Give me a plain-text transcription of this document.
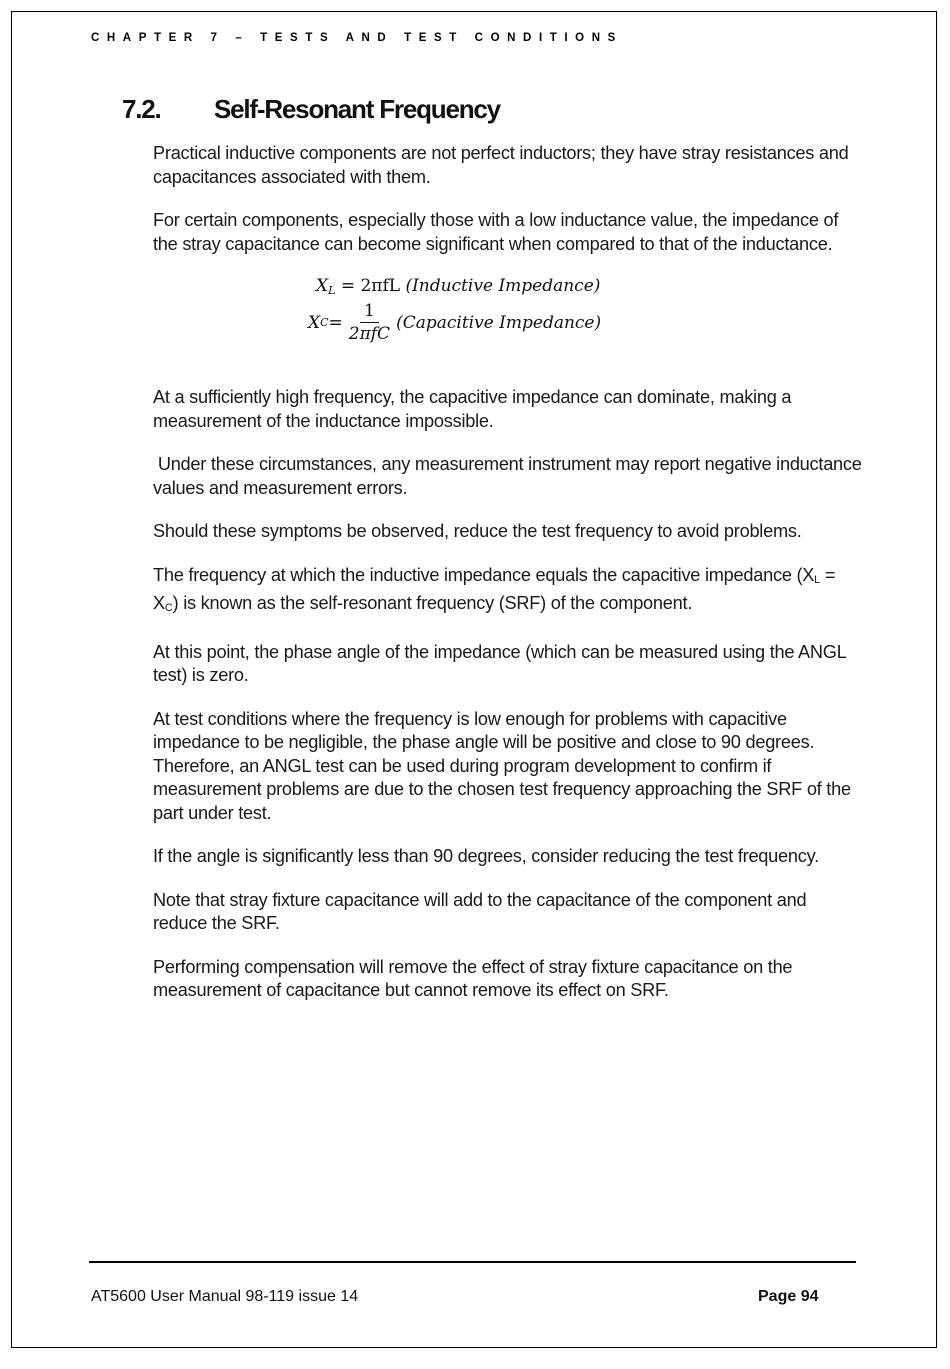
CHAPTER 7 – TESTS AND TEST CONDITIONS
7.2. Self-Resonant Frequency

Practical inductive components are not perfect inductors; they have stray resistances and capacitances associated with them.

For certain components, especially those with a low inductance value, the impedance of the stray capacitance can become significant when compared to that of the inductance.

$X_L = 2\pi fL$ (Inductive Impedance)
X $C = \frac{1}{\text{2πfC}}$ (Capacitive Impedance)

At a sufficiently high frequency, the capacitive impedance can dominate, making a measurement of the inductance impossible.

Under these circumstances, any measurement instrument may report negative inductance values and measurement errors.

Should these symptoms be observed, reduce the test frequency to avoid problems.

The frequency at which the inductive impedance equals the capacitive impedance (XL = XC) is known as the self-resonant frequency (SRF) of the component.

At this point, the phase angle of the impedance (which can be measured using the ANGL test) is zero.

At test conditions where the frequency is low enough for problems with capacitive impedance to be negligible, the phase angle will be positive and close to 90 degrees. Therefore, an ANGL test can be used during program development to confirm if measurement problems are due to the chosen test frequency approaching the SRF of the part under test.

If the angle is significantly less than 90 degrees, consider reducing the test frequency.

Note that stray fixture capacitance will add to the capacitance of the component and reduce the SRF.

Performing compensation will remove the effect of stray fixture capacitance on the measurement of capacitance but cannot remove its effect on SRF.

AT5600 User Manual 98-119 issue 14	Page 94
